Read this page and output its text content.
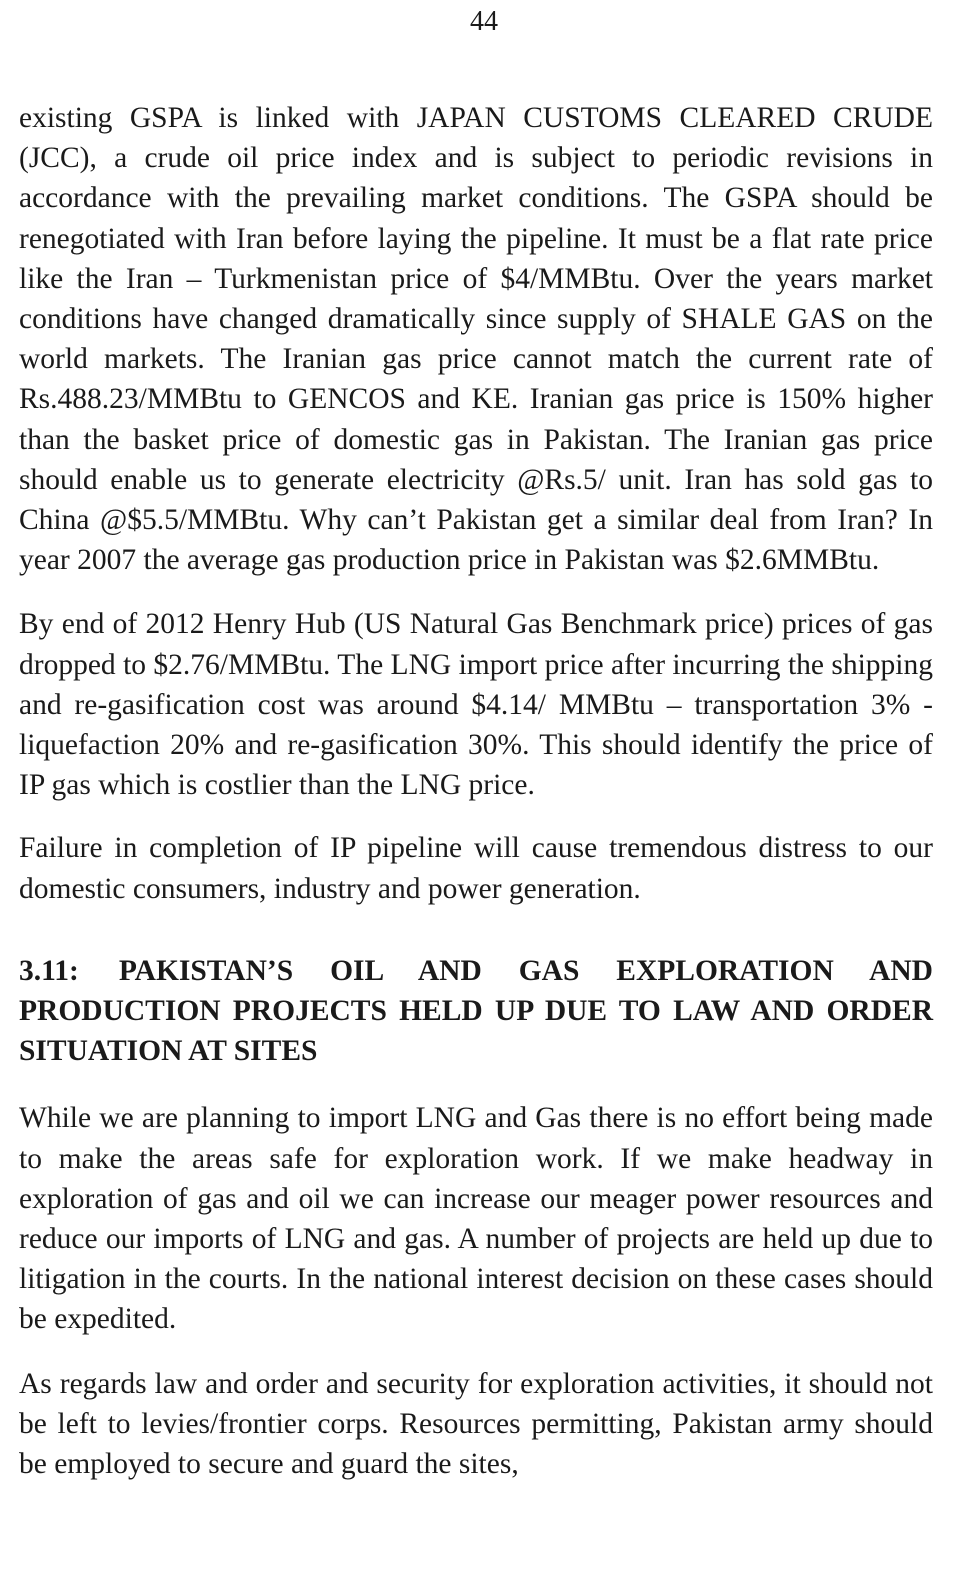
44

existing GSPA is linked with JAPAN CUSTOMS CLEARED CRUDE (JCC), a crude oil price index and is subject to periodic revisions in accordance with the prevailing market conditions. The GSPA should be renegotiated with Iran before laying the pipeline. It must be a flat rate price like the Iran – Turkmenistan price of $4/MMBtu. Over the years market conditions have changed dramatically since supply of SHALE GAS on the world markets. The Iranian gas price cannot match the current rate of Rs.488.23/MMBtu to GENCOS and KE. Iranian gas price is 150% higher than the basket price of domestic gas in Pakistan. The Iranian gas price should enable us to generate electricity @Rs.5/ unit. Iran has sold gas to China @$5.5/MMBtu. Why can’t Pakistan get a similar deal from Iran? In year 2007 the average gas production price in Pakistan was $2.6MMBtu.

By end of 2012 Henry Hub (US Natural Gas Benchmark price) prices of gas dropped to $2.76/MMBtu. The LNG import price after incurring the shipping and re-gasification cost was around $4.14/ MMBtu – transportation 3% - liquefaction 20% and re-gasification 30%. This should identify the price of IP gas which is costlier than the LNG price.

Failure in completion of IP pipeline will cause tremendous distress to our domestic consumers, industry and power generation.

3.11: PAKISTAN’S OIL AND GAS EXPLORATION AND PRODUCTION PROJECTS HELD UP DUE TO LAW AND ORDER SITUATION AT SITES

While we are planning to import LNG and Gas there is no effort being made to make the areas safe for exploration work. If we make headway in exploration of gas and oil we can increase our meager power resources and reduce our imports of LNG and gas. A number of projects are held up due to litigation in the courts. In the national interest decision on these cases should be expedited.

As regards law and order and security for exploration activities, it should not be left to levies/frontier corps. Resources permitting, Pakistan army should be employed to secure and guard the sites,
